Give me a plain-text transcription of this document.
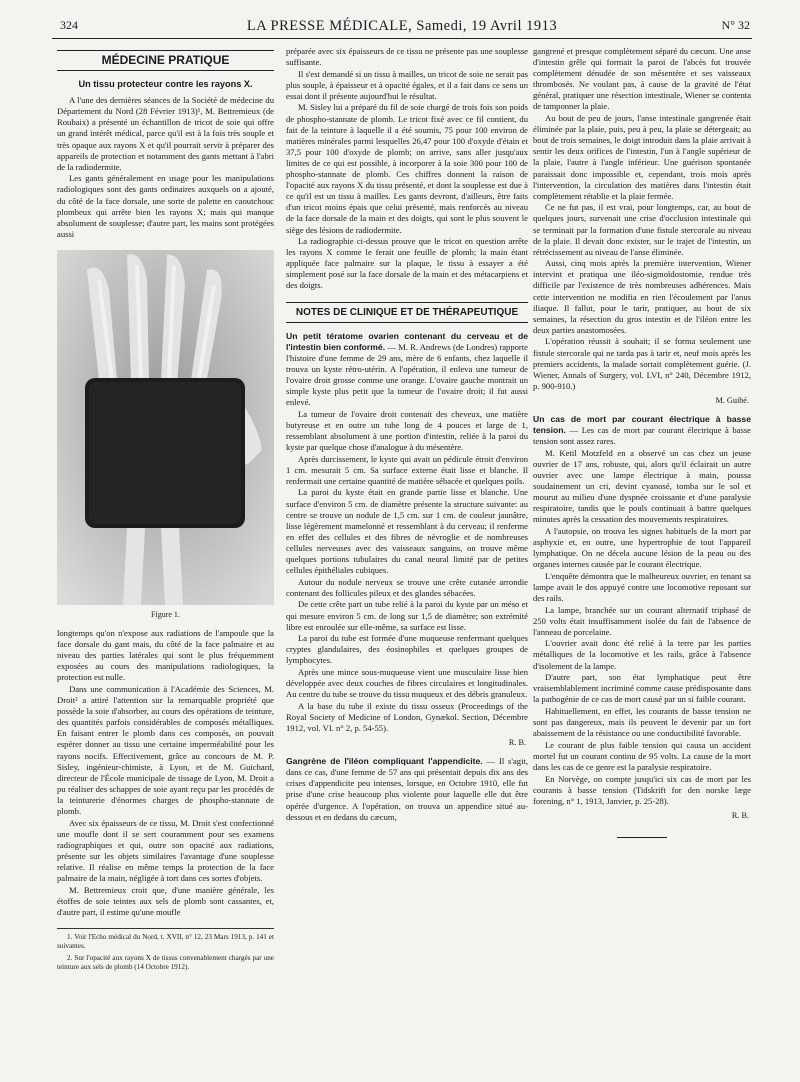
324	LA PRESSE MÉDICALE, Samedi, 19 Avril 1913	N° 32
MÉDECINE PRATIQUE
Un tissu protecteur contre les rayons X.

A l'une des dernières séances de la Société de médecine du Département du Nord (28 Février 1913)¹, M. Bettremieux (de Roubaix) a présenté un échantillon de tricot de soie qui offre un grand intérêt médical, parce qu'il est à la fois très souple et très opaque aux rayons X et qu'il pourrait servir à préparer des appareils de protection et notamment des gants mettant à l'abri de la radiodermite.

Les gants généralement en usage pour les manipulations radiologiques sont des gants ordinaires auxquels on a ajouté, du côté de la face dorsale, une sorte de palette en caoutchouc plombeux qui arrête bien les rayons X; mais qui manque absolument de souplesse; d'autre part, les mains sont protégées aussi

Figure 1.

longtemps qu'on n'expose aux radiations de l'ampoule que la face dorsale du gant mais, du côté de la face palmaire et au niveau des parties latérales qui sont le plus fréquemment exposées au cours des manipulations radiologiques, la protection est nulle.

Dans une communication à l'Académie des Sciences, M. Droit² a attiré l'attention sur la remarquable propriété que possède la soie d'absorber, au cours des opérations de teinture, des quantités parfois considérables de composés métalliques. En faisant entrer le plomb dans ces composés, on pouvait espérer donner au tissu une certaine imperméabilité pour les rayons nocifs. Effectivement, grâce au concours de M. P. Sisley, ingénieur-chimiste, à Lyon, et de M. Guichard, directeur de l'École municipale de tissage de Lyon, M. Droit a pu réaliser des schappes de soie ayant reçu par les procédés de la teinturerie d'énormes charges de phospho-stannate de plomb.

Avec six épaisseurs de ce tissu, M. Droit s'est confectionné une moufle dont il se sert couramment pour ses examens radiographiques et qui, outre son opacité aux radiations, présente sur les objets similaires l'avantage d'une souplesse relative. Il réalise en même temps la protection de la face palmaire de la main, négligée à tort dans ces sortes d'objets.

M. Bettremieux croit que, d'une manière générale, les étoffes de soie teintes aux sels de plomb sont cassantes, et, d'autre part, il estime qu'une moufle

1. Voir l'Echo médical du Nord, t. XVII, n° 12, 23 Mars 1913, p. 141 et suivantes.

2. Sur l'opacité aux rayons X de tissus convenablement chargés par une teinture aux sels de plomb (14 Octobre 1912).

préparée avec six épaisseurs de ce tissu ne présente pas une souplesse suffisante.

Il s'est demandé si un tissu à mailles, un tricot de soie ne serait pas plus souple, à épaisseur et à opacité égales, et il a fait dans ce sens un essai dont il présente aujourd'hui le résultat.

M. Sisley lui a préparé du fil de soie chargé de trois fois son poids de phospho-stannate de plomb. Le tricot fixé avec ce fil contient, du fait de la teinture à laquelle il a été soumis, 75 pour 100 environ de matières minérales parmi lesquelles 26,47 pour 100 d'oxyde d'étain et 37,5 pour 100 d'oxyde de plomb; on arrive, sans aller jusqu'aux limites de ce qui est possible, à incorporer à la soie 300 pour 100 de phospho-stannate de plomb. Ces chiffres donnent la raison de l'opacité aux rayons X du tissu présenté, et dont la souplesse est due à ce qu'il est un tissu à mailles. Les gants devront, d'ailleurs, être faits d'un tricot moins épais que celui présenté, mais renforcés au niveau de la face dorsale de la main et des doigts, qui sont le plus souvent le siège des lésions de radiodermite.

La radiographie ci-dessus prouve que le tricot en question arrête les rayons X comme le ferait une feuille de plomb; la main étant appliquée face palmaire sur la plaque, le tissu à essayer a été simplement posé sur la face dorsale de la main et des métacarpiens et des doigts.

NOTES DE CLINIQUE ET DE THÉRAPEUTIQUE

Un petit tératome ovarien contenant du cerveau et de l'intestin bien conformé. — M. R. Andrews (de Londres) rapporte l'histoire d'une femme de 29 ans, mère de 6 enfants, chez laquelle il trouva un kyste rétro-utérin. A l'opération, il enleva une tumeur de l'ovaire droit grosse comme une orange. L'ovaire gauche montrait un simple kyste plus petit que la tumeur de l'ovaire droit; il fut aussi enlevé.

La tumeur de l'ovaire droit contenait des cheveux, une matière butyreuse et en outre un tube long de 4 pouces et large de 1, ressemblant absolument à une portion d'intestin, reliée à la paroi du kyste par quelque chose d'analogue à du mésentère.

Après durcissement, le kyste qui avait un pédicule étroit d'environ 1 cm. mesurait 5 cm. Sa surface externe était lisse et blanche. Il renfermait une certaine quantité de matière sébacée et quelques poils.

La paroi du kyste était en grande partie lisse et blanche. Une surface d'environ 5 cm. de diamètre présente la structure suivante: au centre se trouve un nodule de 1,5 cm. sur 1 cm. de couleur jaunâtre, lisse légèrement mamelonné et ressemblant à du cerveau; il renferme en effet des cellules et des fibres de névroglie et de nombreuses cellules nerveuses avec des vaisseaux sanguins, on trouve même quelques portions tubulaires du canal neural limité par de petites cellules épithéliales cubiques.

Autour du nodule nerveux se trouve une crête cutanée arrondie contenant des follicules pileux et des glandes sébacées.

De cette crête part un tube relié à la paroi du kyste par un méso et qui mesure environ 5 cm. de long sur 1,5 de diamètre; son extrémité libre est enroulée sur elle-même, sa surface est lisse.

La paroi du tube est formée d'une muqueuse renfermant quelques cryptes glandulaires, des éosinophiles et quelques groupes de lymphocytes.

Après une mince sous-muqueuse vient une musculaire lisse bien développée avec deux couches de fibres circulaires et longitudinales. Au centre du tube se trouve du tissu muqueux et des débris granuleux.

A la base du tube il existe du tissu osseux (Proceedings of the Royal Society of Medicine of London, Gynækol. Section, Décembre 1912, vol. VI. n° 2, p. 54-55).

R. B.

Gangrène de l'iléon compliquant l'appendicite. — Il s'agit, dans ce cas, d'une femme de 57 ans qui présentait depuis dix ans des crises d'appendicite peu intenses, lorsque, en Octobre 1910, elle fut prise d'une crise beaucoup plus violente pour laquelle elle dut être opérée d'urgence. A l'opération, on trouva un appendice situé au-dessous et en dedans du cæcum,

gangrené et presque complètement séparé du cæcum. Une anse d'intestin grêle qui formait la paroi de l'abcès fut trouvée complètement dénudée de son mésentère et ses vaisseaux thrombosés. Ne voulant pas, à cause de la gravité de l'état général, pratiquer une résection intestinale, Wiener se contenta de tamponner la plaie.

Au bout de peu de jours, l'anse intestinale gangrenée était éliminée par la plaie, puis, peu à peu, la plaie se détergeait; au bout de trois semaines, le doigt introduit dans la plaie arrivait à sentir les deux orifices de l'intestin, l'un à l'angle supérieur de la plaie, l'autre à l'angle inférieur. Une guérison spontanée paraissait donc impossible et, cependant, trois mois après l'intervention, la circulation des matières dans l'intestin était complètement rétablie et la plaie fermée.

Ce ne fut pas, il est vrai, pour longtemps, car, au bout de quelques jours, survenait une crise d'occlusion intestinale qui se terminait par la formation d'une fistule stercorale au niveau de la plaie. Il devait donc exister, sur le trajet de l'intestin, un rétrécissement au niveau de l'anse éliminée.

Aussi, cinq mois après la première intervention, Wiener intervint et pratiqua une iléo-sigmoïdostomie, rendue très difficile par l'existence de très nombreuses adhérences. Mais cette intervention ne modifia en rien l'écoulement par l'anus iliaque. Il fallut, pour le tarir, pratiquer, au bout de six semaines, la résection du gros intestin et de l'iléon entre les deux parties anastomosées.

L'opération réussit à souhait; il se forma seulement une fistule stercorale qui ne tarda pas à tarir et, neuf mois après les premiers accidents, la malade sortait complètement guérie. (J. Wiener, Annals of Surgery, vol. LVI, n° 240, Décembre 1912, p. 900-910.)

M. Guibé.

Un cas de mort par courant électrique à basse tension. — Les cas de mort par courant électrique à basse tension sont assez rares.

M. Ketil Motzfeld en a observé un cas chez un jeune ouvrier de 17 ans, robuste, qui, alors qu'il éclairait un autre ouvrier avec une lampe électrique à main, poussa soudainement un cri, devint cyanosé, tomba sur le sol et mourut au milieu d'une dyspnée croissante et d'une paralysie respiratoire, tandis que le pouls continuait à battre quelques minutes après la cessation des mouvements respiratoires.

A l'autopsie, on trouva les signes habituels de la mort par asphyxie et, en outre, une hypertrophie de tout l'appareil lymphatique. On ne décela aucune lésion de la peau ou des organes internes causée par le courant électrique.

L'enquête démontra que le malheureux ouvrier, en tenant sa lampe avait le dos appuyé contre une locomotive reposant sur des rails.

La lampe, branchée sur un courant alternatif triphasé de 250 volts était insuffisamment isolée du fait de l'absence de l'anneau de porcelaine.

L'ouvrier avait donc été relié à la terre par les parties métalliques de la locomotive et les rails, grâce à l'absence d'isolement de la lampe.

D'autre part, son état lymphatique peut être vraisemblablement incriminé comme cause prédisposante dans la pathogénie de ce cas de mort causé par un si faible courant.

Habituellement, en effet, les courants de basse tension ne sont pas dangereux, mais ils peuvent le devenir par un fort abaissement de la résistance ou une conductibilité favorable.

Le courant de plus faible tension qui causa un accident mortel fut un courant continu de 95 volts. La cause de la mort dans les cas de ce genre est la paralysie respiratoire.

En Norvège, on compte jusqu'ici six cas de mort par les courants à basse tension (Tidskrift for den norske læge forening, n° 1, 1913, Janvier, p. 25-28).

R. B.
